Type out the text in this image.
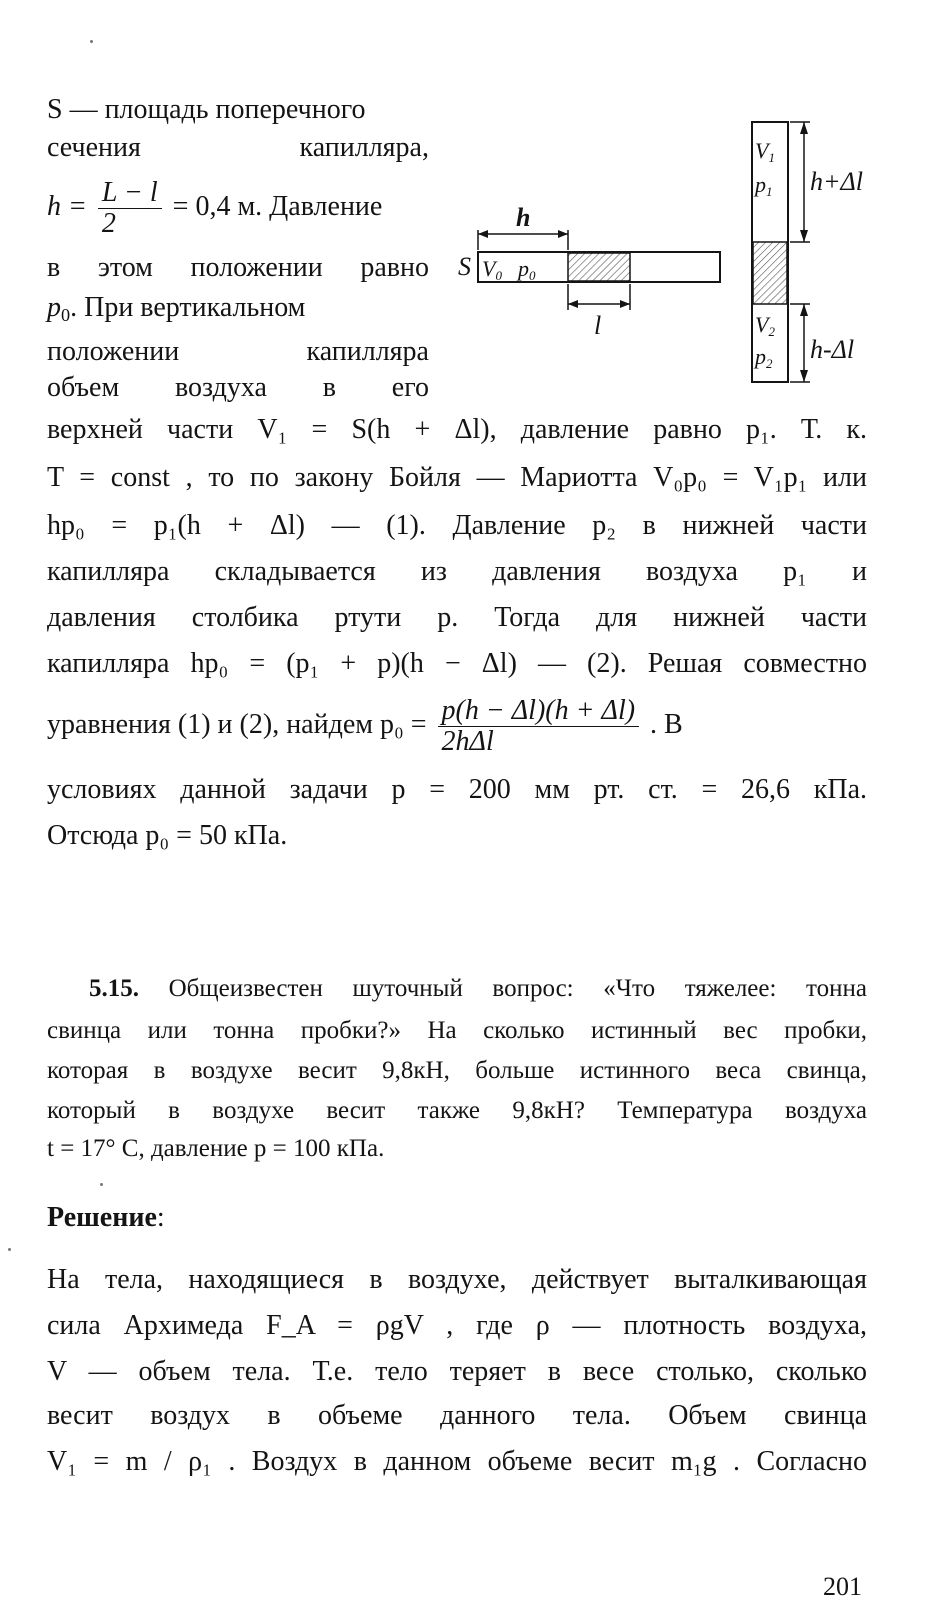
S — площадь поперечного
сечения капилляра,
$h = \frac{L - l}{2} = 0,4$ м. Давление
в этом положении равно
$p_0$. При вертикальном
положении капилляра
объем воздуха в его
верхней части V₁ = S(h + Δl), давление равно p₁. Т. к.
T = const , то по закону Бойля — Мариотта V₀p₀ = V₁p₁ или
hp₀ = p₁(h + Δl) — (1). Давление p₂ в нижней части
капилляра складывается из давления воздуха p₁ и
давления столбика ртути p. Тогда для нижней части
капилляра hp₀ = (p₁ + p)(h − Δl) — (2). Решая совместно
уравнения (1) и (2), найдем $p_0 = \frac{p(h - \Delta l)(h + \Delta l)}{\text{2hΔl}}$ . В
условиях данной задачи p = 200 мм рт. ст. = 26,6 кПа.
Отсюда p₀ = 50 кПа.
S V0 p0
h
l
V1
p1
V2
p2
h+Δl
h-Δl
5.15. Общеизвестен шуточный вопрос: «Что тяжелее: тонна
свинца или тонна пробки?» На сколько истинный вес пробки,
которая в воздухе весит 9,8кН, больше истинного веса свинца,
который в воздухе весит также 9,8кН? Температура воздуха
t = 17° C, давление p = 100 кПа.
Решение:
На тела, находящиеся в воздухе, действует выталкивающая
сила Архимеда F_A = ρgV , где ρ — плотность воздуха,
V — объем тела. Т.е. тело теряет в весе столько, сколько
весит воздух в объеме данного тела. Объем свинца
V₁ = m / ρ₁ . Воздух в данном объеме весит m₁g . Согласно
201
